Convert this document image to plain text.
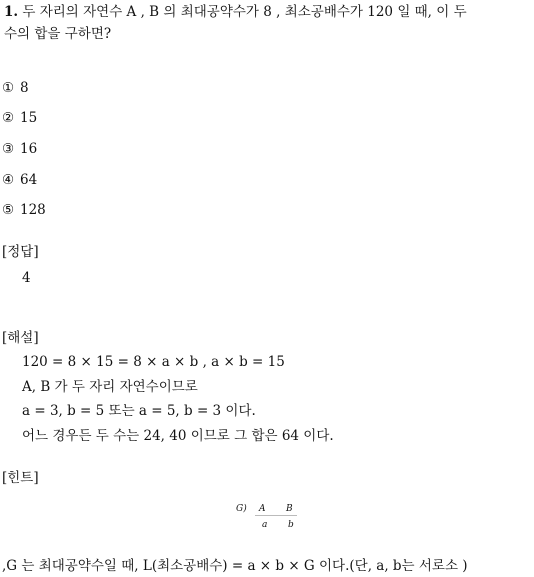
1. 두 자리의 자연수 A , B 의 최대공약수가 8 , 최소공배수가 120 일 때, 이 두
수의 합을 구하면?
① 8
② 15
③ 16
④ 64
⑤ 128
[정답]
4
[해설]
120 = 8 × 15 = 8 × a × b , a × b = 15
A, B 가 두 자리 자연수이므로
a = 3, b = 5 또는 a = 5, b = 3 이다.
어느 경우든 두 수는 24, 40 이므로 그 합은 64 이다.
[힌트]
G) A B
a b
,G 는 최대공약수일 때, L(최소공배수) = a × b × G 이다.(단, a, b는 서로소 )
